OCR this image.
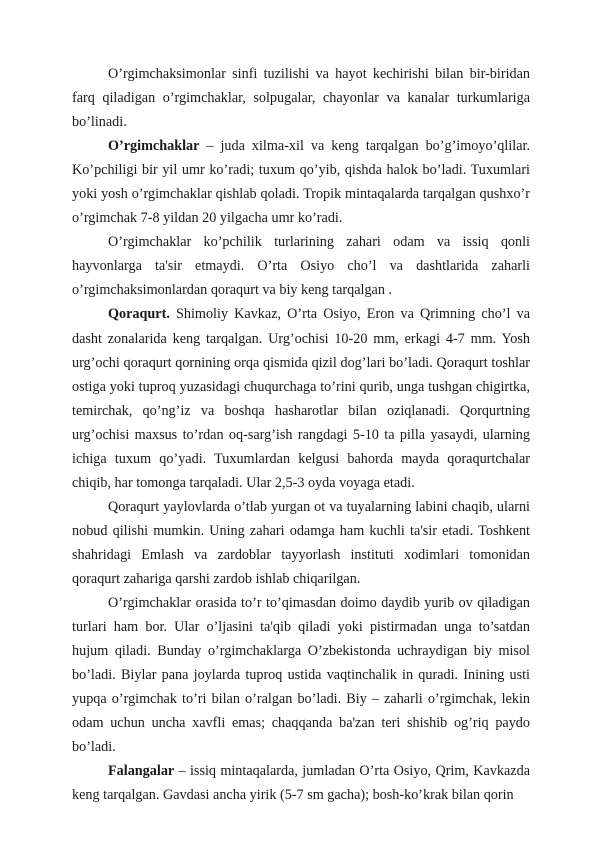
O’rgimchaksimonlar sinfi tuzilishi va hayot kechirishi bilan bir-biridan farq qiladigan o’rgimchaklar, solpugalar, chayonlar va kanalar turkumlariga bo’linadi.

O’rgimchaklar – juda xilma-xil va keng tarqalgan bo’g’imoyo’qlilar. Ko’pchiligi bir yil umr ko’radi; tuxum qo’yib, qishda halok bo’ladi. Tuxumlari yoki yosh o’rgimchaklar qishlab qoladi. Tropik mintaqalarda tarqalgan qushxo’r o’rgimchak 7-8 yildan 20 yilgacha umr ko’radi.

O’rgimchaklar ko’pchilik turlarining zahari odam va issiq qonli hayvonlarga ta'sir etmaydi. O’rta Osiyo cho’l va dashtlarida zaharli o’rgimchaksimonlardan qoraqurt va biy keng tarqalgan .

Qoraqurt. Shimoliy Kavkaz, O’rta Osiyo, Eron va Qrimning cho’l va dasht zonalarida keng tarqalgan. Urg’ochisi 10-20 mm, erkagi 4-7 mm. Yosh urg’ochi qoraqurt qornining orqa qismida qizil dog’lari bo’ladi. Qoraqurt toshlar ostiga yoki tuproq yuzasidagi chuqurchaga to’rini qurib, unga tushgan chigirtka, temirchak, qo’ng’iz va boshqa hasharotlar bilan oziqlanadi. Qorqurtning urg’ochisi maxsus to’rdan oq-sarg’ish rangdagi 5-10 ta pilla yasaydi, ularning ichiga tuxum qo’yadi. Tuxumlardan kelgusi bahorda mayda qoraqurtchalar chiqib, har tomonga tarqaladi. Ular 2,5-3 oyda voyaga etadi.

Qoraqurt yaylovlarda o’tlab yurgan ot va tuyalarning labini chaqib, ularni nobud qilishi mumkin. Uning zahari odamga ham kuchli ta'sir etadi. Toshkent shahridagi Emlash va zardoblar tayyorlash instituti xodimlari tomonidan qoraqurt zahariga qarshi zardob ishlab chiqarilgan.

O’rgimchaklar orasida to’r to’qimasdan doimo daydib yurib ov qiladigan turlari ham bor. Ular o’ljasini ta'qib qiladi yoki pistirmadan unga to’satdan hujum qiladi. Bunday o’rgimchaklarga O’zbekistonda uchraydigan biy misol bo’ladi. Biylar pana joylarda tuproq ustida vaqtinchalik in quradi. Inining usti yupqa o’rgimchak to’ri bilan o’ralgan bo’ladi. Biy – zaharli o’rgimchak, lekin odam uchun uncha xavfli emas; chaqqanda ba'zan teri shishib og’riq paydo bo’ladi.

Falangalar – issiq mintaqalarda, jumladan O’rta Osiyo, Qrim, Kavkazda keng tarqalgan. Gavdasi ancha yirik (5-7 sm gacha); bosh-ko’krak bilan qorin
